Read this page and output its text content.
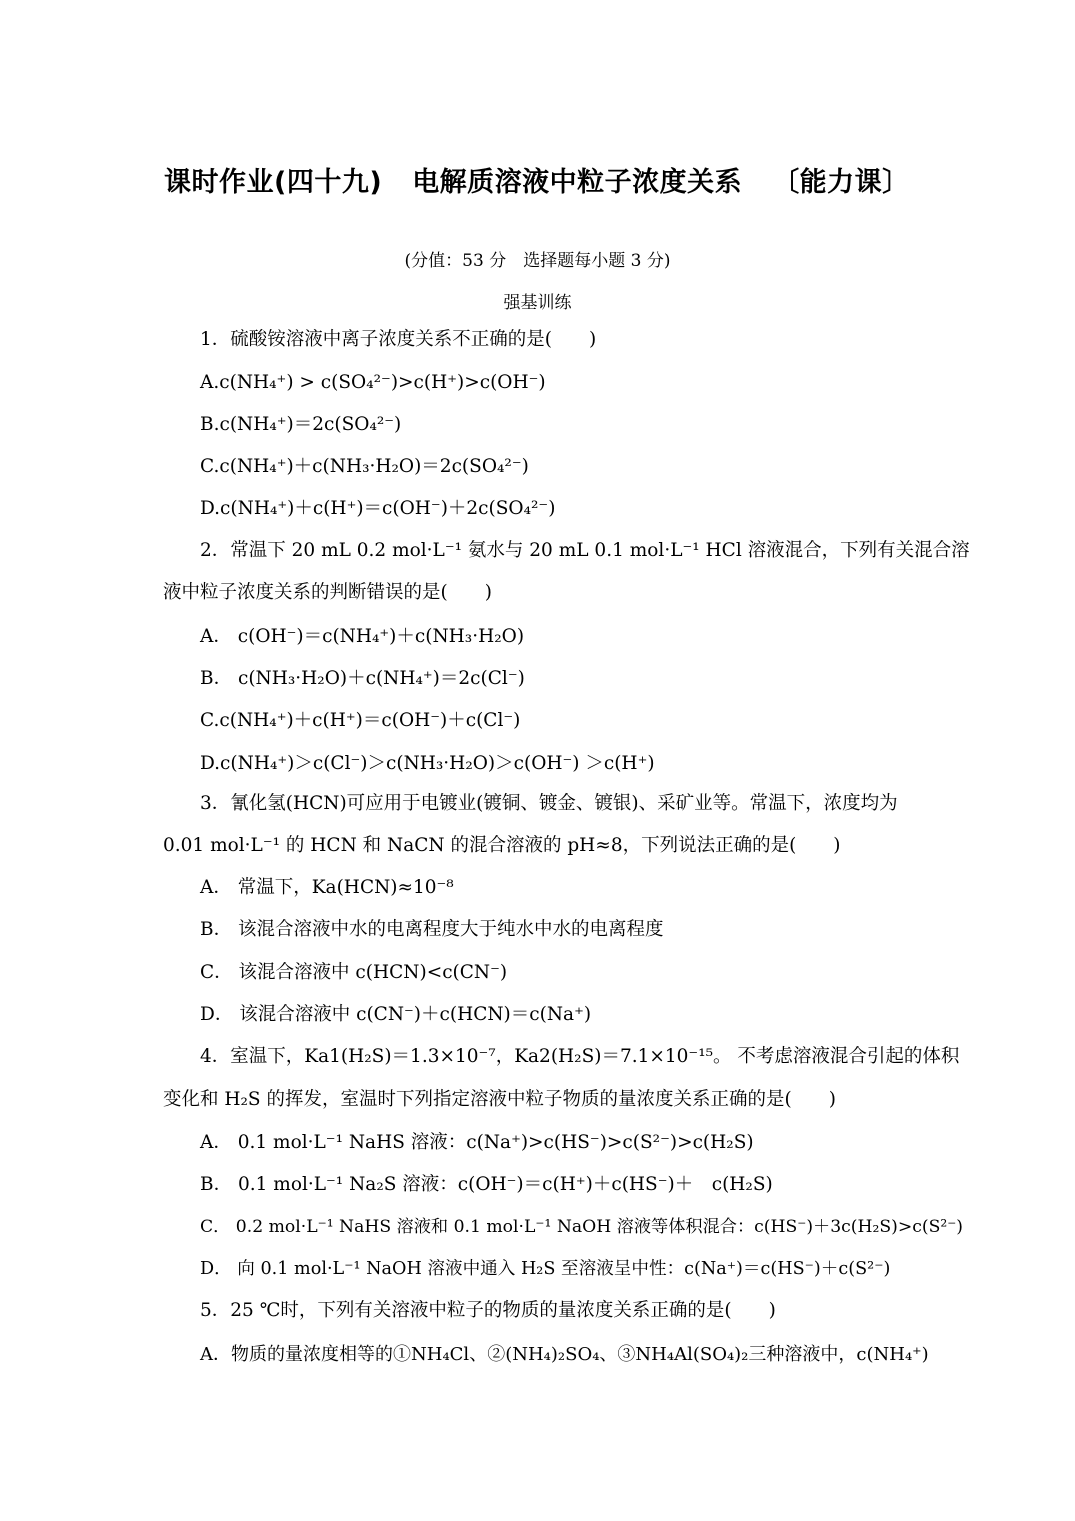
课时作业(四十九) 电解质溶液中粒子浓度关系 〔能力课〕
(分值：53 分　选择题每小题 3 分)
强基训练
1．硫酸铵溶液中离子浓度关系不正确的是(　　)
A.c(NH₄⁺) > c(SO₄²⁻)>c(H⁺)>c(OH⁻)
B.c(NH₄⁺)＝2c(SO₄²⁻)
C.c(NH₄⁺)＋c(NH₃·H₂O)＝2c(SO₄²⁻)
D.c(NH₄⁺)＋c(H⁺)＝c(OH⁻)＋2c(SO₄²⁻)
2．常温下 20 mL 0.2 mol·L⁻¹ 氨水与 20 mL 0.1 mol·L⁻¹ HCl 溶液混合，下列有关混合溶
液中粒子浓度关系的判断错误的是(　　)
A． c(OH⁻)＝c(NH₄⁺)＋c(NH₃·H₂O)
B． c(NH₃·H₂O)＋c(NH₄⁺)＝2c(Cl⁻)
C.c(NH₄⁺)＋c(H⁺)＝c(OH⁻)＋c(Cl⁻)
D.c(NH₄⁺)＞c(Cl⁻)＞c(NH₃·H₂O)＞c(OH⁻) ＞c(H⁺)
3．氰化氢(HCN)可应用于电镀业(镀铜、镀金、镀银)、采矿业等。常温下，浓度均为
0.01 mol·L⁻¹ 的 HCN 和 NaCN 的混合溶液的 pH≈8，下列说法正确的是(　　)
A． 常温下，Ka(HCN)≈10⁻⁸
B． 该混合溶液中水的电离程度大于纯水中水的电离程度
C． 该混合溶液中 c(HCN)<c(CN⁻)
D． 该混合溶液中 c(CN⁻)＋c(HCN)＝c(Na⁺)
4．室温下，Ka1(H₂S)＝1.3×10⁻⁷，Ka2(H₂S)＝7.1×10⁻¹⁵。 不考虑溶液混合引起的体积
变化和 H₂S 的挥发，室温时下列指定溶液中粒子物质的量浓度关系正确的是(　　)
A． 0.1 mol·L⁻¹ NaHS 溶液：c(Na⁺)>c(HS⁻)>c(S²⁻)>c(H₂S)
B． 0.1 mol·L⁻¹ Na₂S 溶液：c(OH⁻)＝c(H⁺)＋c(HS⁻)＋　c(H₂S)
C． 0.2 mol·L⁻¹ NaHS 溶液和 0.1 mol·L⁻¹ NaOH 溶液等体积混合：c(HS⁻)＋3c(H₂S)>c(S²⁻)
D． 向 0.1 mol·L⁻¹ NaOH 溶液中通入 H₂S 至溶液呈中性：c(Na⁺)＝c(HS⁻)＋c(S²⁻)
5．25 ℃时，下列有关溶液中粒子的物质的量浓度关系正确的是(　　)
A．物质的量浓度相等的①NH₄Cl、②(NH₄)₂SO₄、③NH₄Al(SO₄)₂三种溶液中，c(NH₄⁺)
